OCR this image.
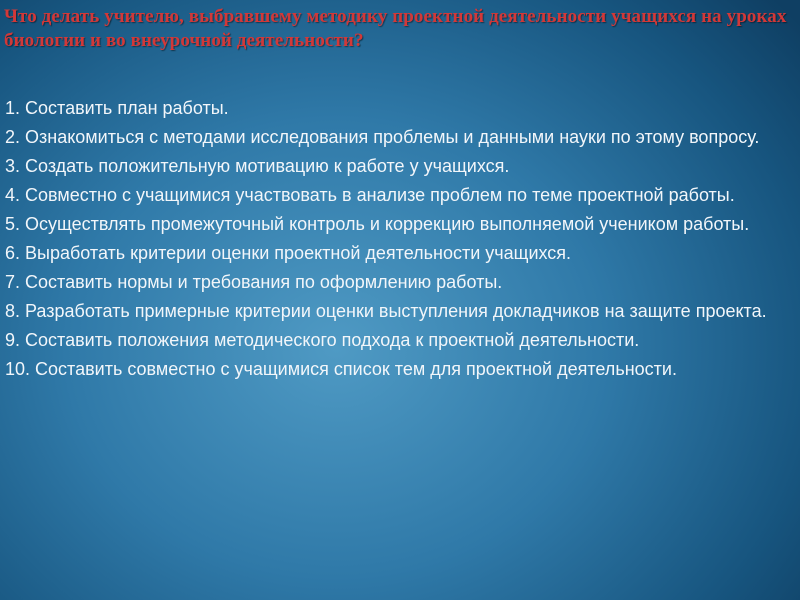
Что делать учителю, выбравшему методику проектной деятельности учащихся на уроках биологии и во внеурочной деятельности?
1. Составить план работы.
2. Ознакомиться с методами исследования проблемы и данными науки по этому вопросу.
3. Создать положительную мотивацию к работе у учащихся.
4. Совместно с учащимися участвовать в анализе проблем по теме проектной работы.
5. Осуществлять промежуточный контроль и коррекцию выполняемой учеником работы.
6. Выработать критерии оценки проектной деятельности учащихся.
7. Составить нормы и требования по оформлению работы.
8. Разработать примерные критерии оценки выступления докладчиков на защите проекта.
9. Составить положения методического подхода к проектной деятельности.
10. Составить совместно с учащимися список тем для проектной деятельности.
